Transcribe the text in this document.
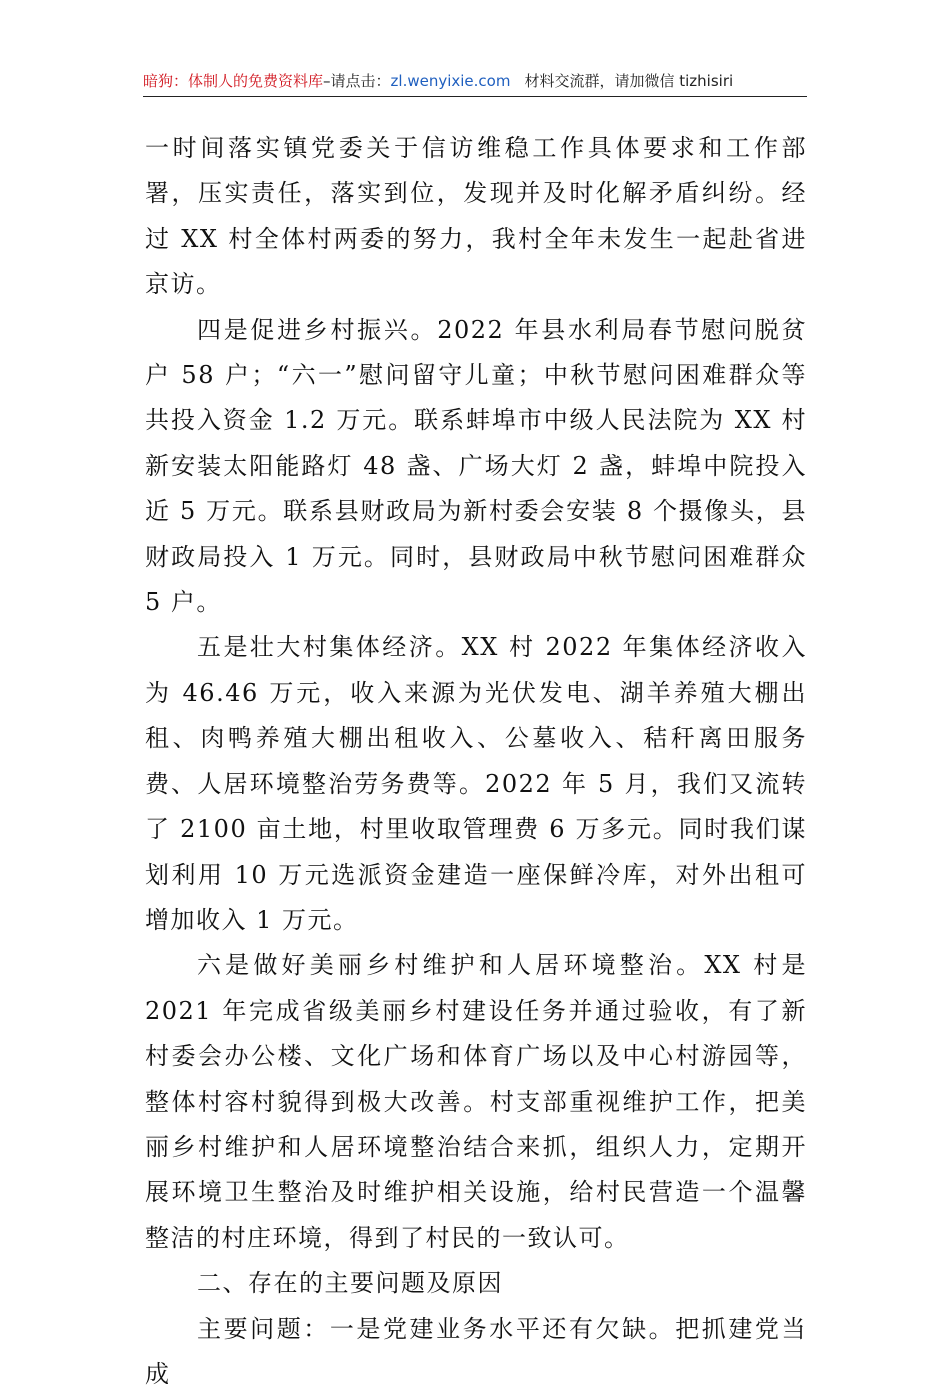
暗狗：体制人的免费资料库–请点击：zl.wenyixie.com 材料交流群，请加微信 tizhisiri

一时间落实镇党委关于信访维稳工作具体要求和工作部署，压实责任，落实到位，发现并及时化解矛盾纠纷。经过 XX 村全体村两委的努力，我村全年未发生一起赴省进京访。

四是促进乡村振兴。2022 年县水利局春节慰问脱贫户 58 户；“六一”慰问留守儿童；中秋节慰问困难群众等共投入资金 1.2 万元。联系蚌埠市中级人民法院为 XX 村新安装太阳能路灯 48 盏、广场大灯 2 盏，蚌埠中院投入近 5 万元。联系县财政局为新村委会安装 8 个摄像头，县财政局投入 1 万元。同时，县财政局中秋节慰问困难群众 5 户。

五是壮大村集体经济。XX 村 2022 年集体经济收入为 46.46 万元，收入来源为光伏发电、湖羊养殖大棚出租、肉鸭养殖大棚出租收入、公墓收入、秸秆离田服务费、人居环境整治劳务费等。2022 年 5 月，我们又流转了 2100 亩土地，村里收取管理费 6 万多元。同时我们谋划利用 10 万元选派资金建造一座保鲜冷库，对外出租可增加收入 1 万元。

六是做好美丽乡村维护和人居环境整治。XX 村是 2021 年完成省级美丽乡村建设任务并通过验收，有了新村委会办公楼、文化广场和体育广场以及中心村游园等，整体村容村貌得到极大改善。村支部重视维护工作，把美丽乡村维护和人居环境整治结合来抓，组织人力，定期开展环境卫生整治及时维护相关设施，给村民营造一个温馨整洁的村庄环境，得到了村民的一致认可。

二、存在的主要问题及原因

主要问题：一是党建业务水平还有欠缺。把抓建党当成
